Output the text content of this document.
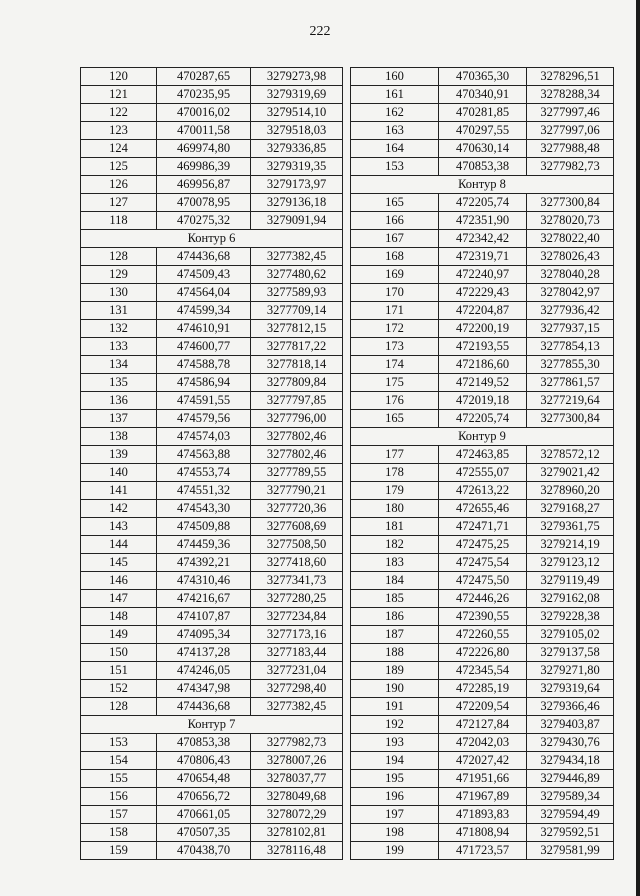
222
120	470287,65	3279273,98
121	470235,95	3279319,69
122	470016,02	3279514,10
123	470011,58	3279518,03
124	469974,80	3279336,85
125	469986,39	3279319,35
126	469956,87	3279173,97
127	470078,95	3279136,18
118	470275,32	3279091,94
Контур 6		
128	474436,68	3277382,45
129	474509,43	3277480,62
130	474564,04	3277589,93
131	474599,34	3277709,14
132	474610,91	3277812,15
133	474600,77	3277817,22
134	474588,78	3277818,14
135	474586,94	3277809,84
136	474591,55	3277797,85
137	474579,56	3277796,00
138	474574,03	3277802,46
139	474563,88	3277802,46
140	474553,74	3277789,55
141	474551,32	3277790,21
142	474543,30	3277720,36
143	474509,88	3277608,69
144	474459,36	3277508,50
145	474392,21	3277418,60
146	474310,46	3277341,73
147	474216,67	3277280,25
148	474107,87	3277234,84
149	474095,34	3277173,16
150	474137,28	3277183,44
151	474246,05	3277231,04
152	474347,98	3277298,40
128	474436,68	3277382,45
Контур 7		
153	470853,38	3277982,73
154	470806,43	3278007,26
155	470654,48	3278037,77
156	470656,72	3278049,68
157	470661,05	3278072,29
158	470507,35	3278102,81
159	470438,70	3278116,48
160	470365,30	3278296,51
161	470340,91	3278288,34
162	470281,85	3277997,46
163	470297,55	3277997,06
164	470630,14	3277988,48
153	470853,38	3277982,73
Контур 8		
165	472205,74	3277300,84
166	472351,90	3278020,73
167	472342,42	3278022,40
168	472319,71	3278026,43
169	472240,97	3278040,28
170	472229,43	3278042,97
171	472204,87	3277936,42
172	472200,19	3277937,15
173	472193,55	3277854,13
174	472186,60	3277855,30
175	472149,52	3277861,57
176	472019,18	3277219,64
165	472205,74	3277300,84
Контур 9		
177	472463,85	3278572,12
178	472555,07	3279021,42
179	472613,22	3278960,20
180	472655,46	3279168,27
181	472471,71	3279361,75
182	472475,25	3279214,19
183	472475,54	3279123,12
184	472475,50	3279119,49
185	472446,26	3279162,08
186	472390,55	3279228,38
187	472260,55	3279105,02
188	472226,80	3279137,58
189	472345,54	3279271,80
190	472285,19	3279319,64
191	472209,54	3279366,46
192	472127,84	3279403,87
193	472042,03	3279430,76
194	472027,42	3279434,18
195	471951,66	3279446,89
196	471967,89	3279589,34
197	471893,83	3279594,49
198	471808,94	3279592,51
199	471723,57	3279581,99
